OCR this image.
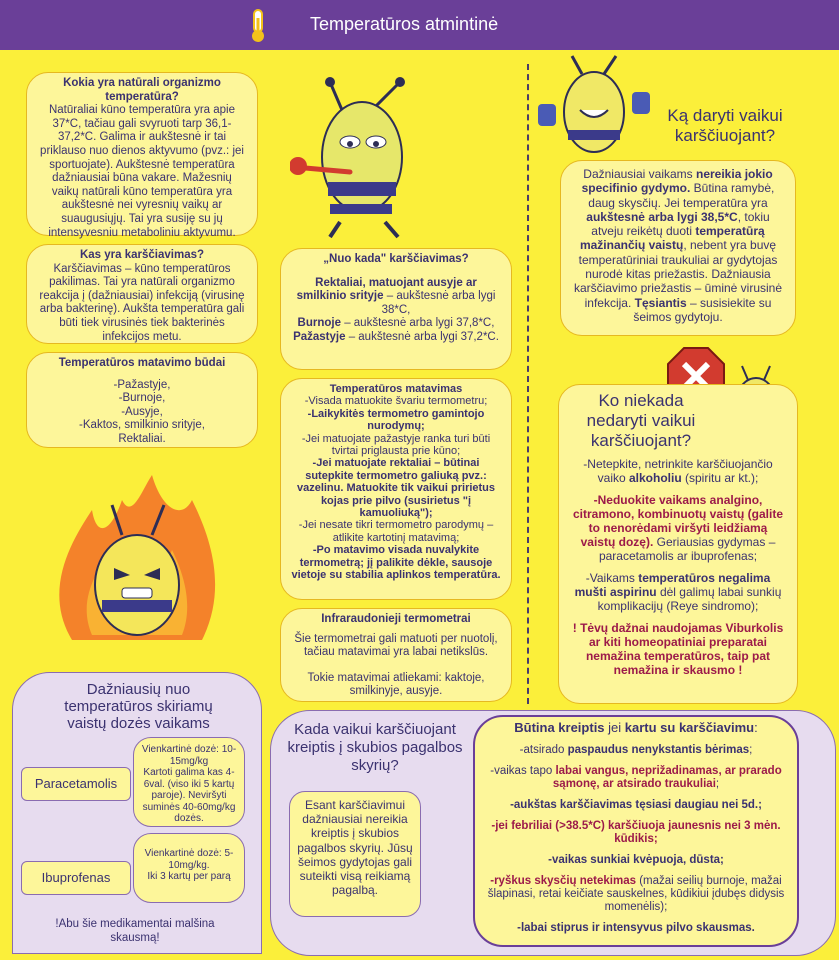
Temperatūros atmintinė
Kokia yra natūrali organizmo temperatūra?
Natūraliai kūno temperatūra yra apie 37*C, tačiau gali svyruoti tarp 36,1-37,2*C. Galima ir aukštesnė ir tai priklauso nuo dienos aktyvumo (pvz.: jei sportuojate). Aukštesnė temperatūra dažniausiai būna vakare. Mažesnių vaikų natūrali kūno temperatūra yra aukštesnė nei vyresnių vaikų ar suaugusiųjų. Tai yra susiję su jų intensyvesniu metaboliniu aktyvumu.
Kas yra karščiavimas?
Karščiavimas – kūno temperatūros pakilimas. Tai yra natūrali organizmo reakcija į (dažniausiai) infekciją (virusinę arba bakterinę). Aukšta temperatūra gali būti tiek virusinės tiek bakterinės infekcijos metu.
Temperatūros matavimo būdai
-Pažastyje,
-Burnoje,
-Ausyje,
-Kaktos, smilkinio srityje,
Rektaliai.
„Nuo kada" karščiavimas?
Rektaliai, matuojant ausyje ar smilkinio srityje – aukštesnė arba lygi 38*C,
Burnoje – aukštesnė arba lygi 37,8*C,
Pažastyje – aukštesnė arba lygi 37,2*C.
Temperatūros matavimas
-Visada matuokite švariu termometru;
-Laikykitės termometro gamintojo nurodymų;
-Jei matuojate pažastyje ranka turi būti tvirtai priglausta prie kūno;
-Jei matuojate rektaliai – būtinai sutepkite termometro galiuką pvz.: vazelinu. Matuokite tik vaikui pririetus kojas prie pilvo (susirietus "į kamuoliuką");
-Jei nesate tikri termometro parodymų – atlikite kartotinį matavimą;
-Po matavimo visada nuvalykite termometrą; jį palikite dėkle, sausoje vietoje su stabilia aplinkos temperatūra.
Infraraudonieji termometrai
Šie termometrai gali matuoti per nuotolį, tačiau matavimai yra labai netikslūs.
Tokie matavimai atliekami: kaktoje, smilkinyje, ausyje.
Dažniausių nuo temperatūros skiriamų vaistų dozės vaikams
Paracetamolis
Vienkartinė dozė: 10-15mg/kg
Kartoti galima kas 4-6val. (viso iki 5 kartų paroje). Neviršyti suminės 40-60mg/kg dozės.
Ibuprofenas
Vienkartinė dozė: 5-10mg/kg.
Iki 3 kartų per parą
!Abu šie medikamentai malšina skausmą!
Ką daryti vaikui karščiuojant?
Dažniausiai vaikams nereikia jokio specifinio gydymo. Būtina ramybė, daug skysčių. Jei temperatūra yra aukštesnė arba lygi 38,5*C, tokiu atveju reikėtų duoti temperatūrą mažinančių vaistų, nebent yra buvę temperatūriniai traukuliai ar gydytojas nurodė kitas priežastis. Dažniausia karščiavimo priežastis – ūminė virusinė infekcija. Tęsiantis – susisiekite su šeimos gydytoju.
Ko niekada nedaryti vaikui karščiuojant?
-Netepkite, netrinkite karščiuojančio vaiko alkoholiu (spiritu ar kt.);
-Neduokite vaikams analgino, citramono, kombinuotų vaistų (galite to nenorėdami viršyti leidžiamą vaistų dozę). Geriausias gydymas – paracetamolis ar ibuprofenas;
-Vaikams temperatūros negalima mušti aspirinu dėl galimų labai sunkių komplikacijų (Reye sindromo);
! Tėvų dažnai naudojamas Viburkolis ar kiti homeopatiniai preparatai nemažina temperatūros, taip pat nemažina ir skausmo !
Kada vaikui karščiuojant kreiptis į skubios pagalbos skyrių?
Esant karščiavimui dažniausiai nereikia kreiptis į skubios pagalbos skyrių. Jūsų šeimos gydytojas gali suteikti visą reikiamą pagalbą.
Būtina kreiptis jei kartu su karščiavimu:
-atsirado paspaudus nenykstantis bėrimas;
-vaikas tapo labai vangus, neprižadinamas, ar prarado sąmonę, ar atsirado traukuliai;
-aukštas karščiavimas tęsiasi daugiau nei 5d.;
-jei febriliai (>38.5*C) karščiuoja jaunesnis nei 3 mėn. kūdikis;
-vaikas sunkiai kvėpuoja, dūsta;
-ryškus skysčių netekimas (mažai seilių burnoje, mažai šlapinasi, retai keičiate sauskelnes, kūdikiui įdubęs didysis momenėlis);
-labai stiprus ir intensyvus pilvo skausmas.
